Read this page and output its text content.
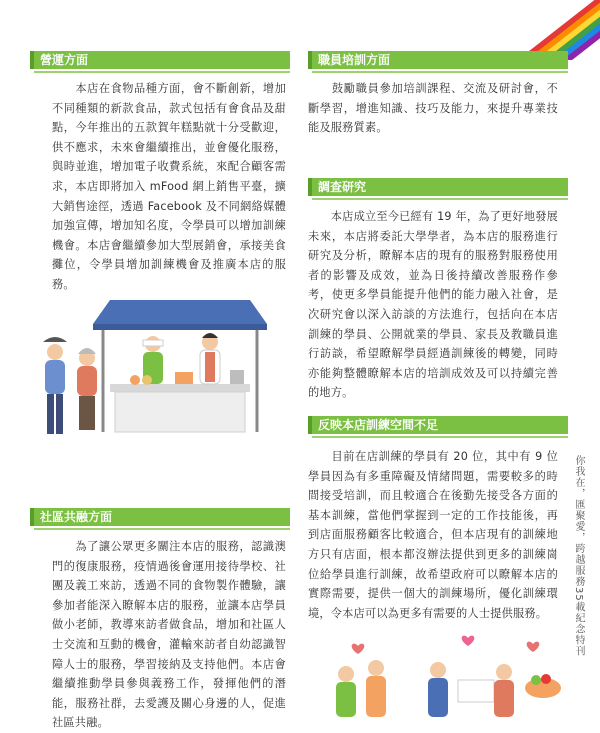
營運方面

　　本店在食物品種方面，會不斷創新，增加不同種類的新款食品，款式包括有會食品及甜點，今年推出的五款賀年糕點就十分受歡迎，供不應求，未來會繼續推出，並會優化服務，與時並進，增加電子收費系統，來配合顧客需求，本店即將加入 mFood 網上銷售平臺，擴大銷售途徑，透過 Facebook 及不同網絡媒體加強宣傳，增加知名度，令學員可以增加訓練機會。本店會繼續參加大型展銷會，承接美食攤位，令學員增加訓練機會及推廣本店的服務。

職員培訓方面

　　鼓勵職員參加培訓課程、交流及研討會，不斷學習，增進知識、技巧及能力，來提升專業技能及服務質素。

調查研究

　　本店成立至今已經有 19 年，為了更好地發展未來，本店將委託大學學者，為本店的服務進行研究及分析，瞭解本店的現有的服務對服務使用者的影響及成效，並為日後持續改善服務作參考，使更多學員能提升他們的能力融入社會，是次研究會以深入訪談的方法進行，包括向在本店訓練的學員、公開就業的學員、家長及教職員進行訪談，希望瞭解學員經過訓練後的轉變，同時亦能夠整體瞭解本店的培訓成效及可以持續完善的地方。

社區共融方面

　　為了讓公眾更多關注本店的服務，認識澳門的復康服務，疫情過後會運用接待學校、社團及義工來訪，透過不同的食物製作體驗，讓參加者能深入瞭解本店的服務，並讓本店學員做小老師，教導來訪者做食品，增加和社區人士交流和互動的機會，灌輸來訪者自幼認識智障人士的服務，學習接納及支持他們。本店會繼續推動學員參與義務工作，發揮他們的潛能，服務社群，去愛護及關心身邊的人，促進社區共融。

反映本店訓練空間不足

　　目前在店訓練的學員有 20 位，其中有 9 位學員因為有多重障礙及情緒問題，需要較多的時間接受培訓，而且較適合在後勤先接受各方面的基本訓練，當他們掌握到一定的工作技能後，再到店面服務顧客比較適合，但本店現有的訓練地方只有店面，根本都沒辦法提供到更多的訓練崗位給學員進行訓練，故希望政府可以瞭解本店的實際需要，提供一個大的訓練場所，優化訓練環境，令本店可以為更多有需要的人士提供服務。	你我在，匯聚愛，跨越服務35載紀念特刊
